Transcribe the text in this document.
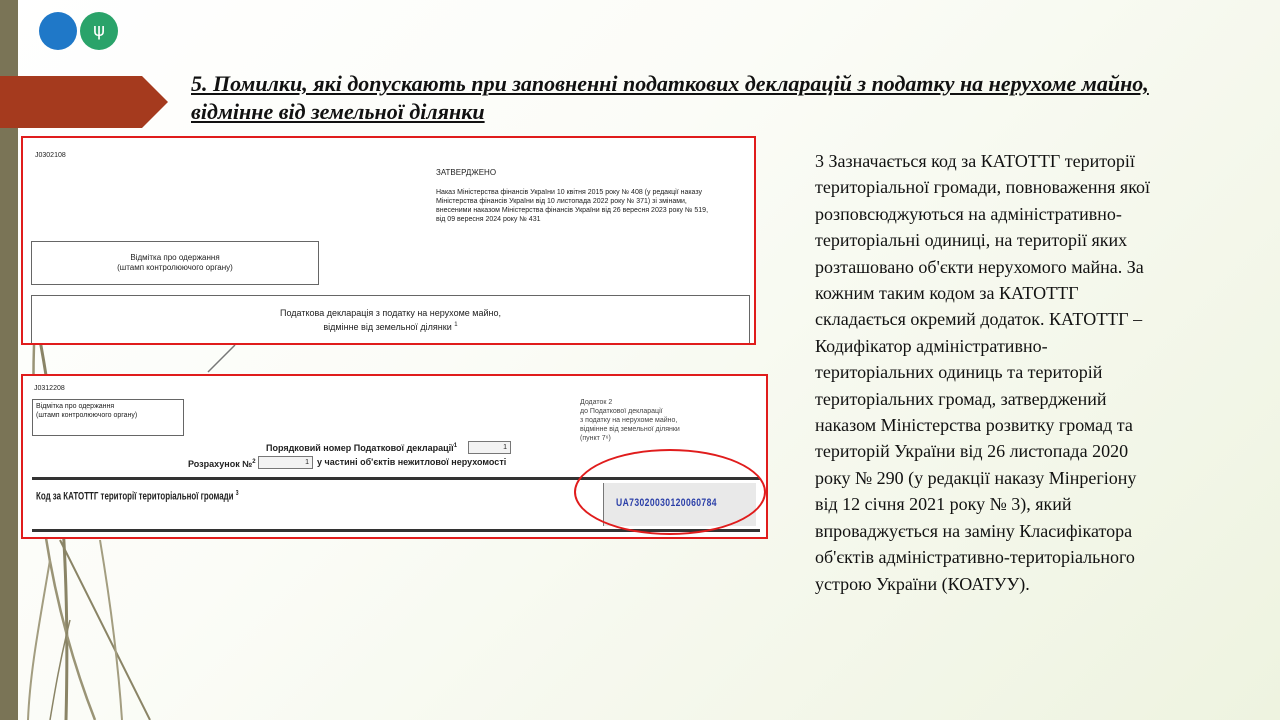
ψ
5. Помилки, які допускають при заповненні податкових декларацій з податку на нерухоме майно, відмінне від земельної ділянки
J0302108
ЗАТВЕРДЖЕНО
Наказ Міністерства фінансів України 10 квітня 2015 року № 408 (у редакції наказу
Міністерства фінансів України від 10 листопада 2022 року № 371) зі змінами,
внесеними наказом Міністерства фінансів України від 26 вересня 2023 року № 519,
від 09 вересня 2024 року № 431
Відмітка про одержання
(штамп контролюючого органу)
Податкова декларація з податку на нерухоме майно,
відмінне від земельної ділянки $^1$
J0312208
Відмітка про одержання
(штамп контролюючого органу)
Додаток 2
до Податкової декларації
з податку на нерухоме майно,
відмінне від земельної ділянки
(пункт 7⁶)
Порядковий номер Податкової декларації$^1$	1
Розрахунок №$^2$	1 у частині об'єктів нежитлової нерухомості
Код за КАТОТТГ території територіальної громади $^3$
UA73020030120060784

3 Зазначається код за КАТОТТГ території територіальної громади, повноваження якої розповсюджуються на адміністративно-територіальні одиниці, на території яких розташовано об'єкти нерухомого майна. За кожним таким кодом за КАТОТТГ складається окремий додаток. КАТОТТГ – Кодифікатор адміністративно-територіальних одиниць та територій територіальних громад, затверджений наказом Міністерства розвитку громад та територій України від 26 листопада 2020 року № 290 (у редакції наказу Мінрегіону від 12 січня 2021 року № 3), який впроваджується на заміну Класифікатора об'єктів адміністративно-територіального устрою України (КОАТУУ).
